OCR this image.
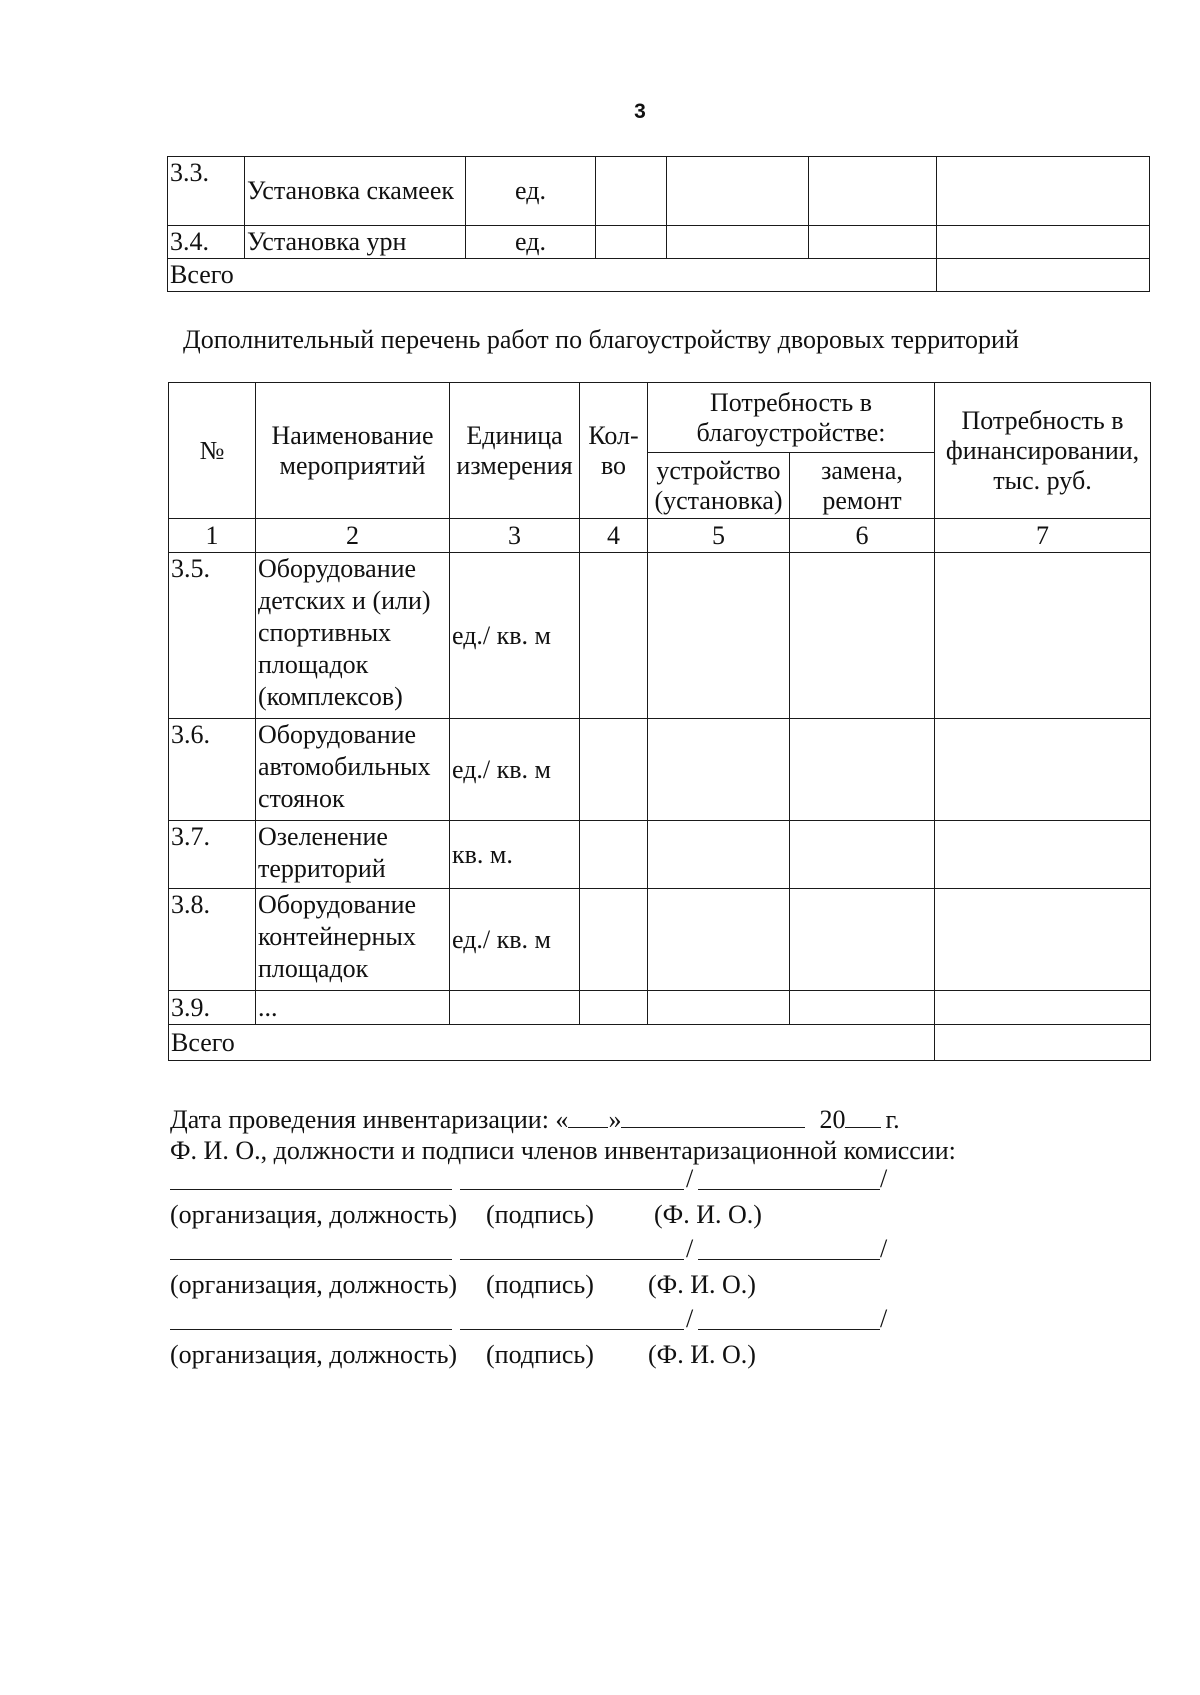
3
3.3.	Установка скамеек	ед.				
3.4.	Установка урн	ед.				
Всего						
Дополнительный перечень работ по благоустройству дворовых территорий
№	Наименование мероприятий	Единица измерения	Кол-во	Потребность в благоустройстве:		Потребность в финансировании, тыс. руб.
				устройство (установка)	замена, ремонт	
1	2	3	4	5	6	7
3.5.	Оборудование детских и (или) спортивных площадок (комплексов)	ед./ кв. м				
3.6.	Оборудование автомобильных стоянок	ед./ кв. м				
3.7.	Озеленение территорий	кв. м.				
3.8.	Оборудование контейнерных площадок	ед./ кв. м				
3.9.	...					
Всего						
Дата проведения инвентаризации: « »	20 г.
Ф. И. О., должности и подписи членов инвентаризационной комиссии:
/	/
(организация, должность) (подпись) (Ф. И. О.)
/	/
(организация, должность) (подпись) (Ф. И. О.)
/	/
(организация, должность) (подпись) (Ф. И. О.)
